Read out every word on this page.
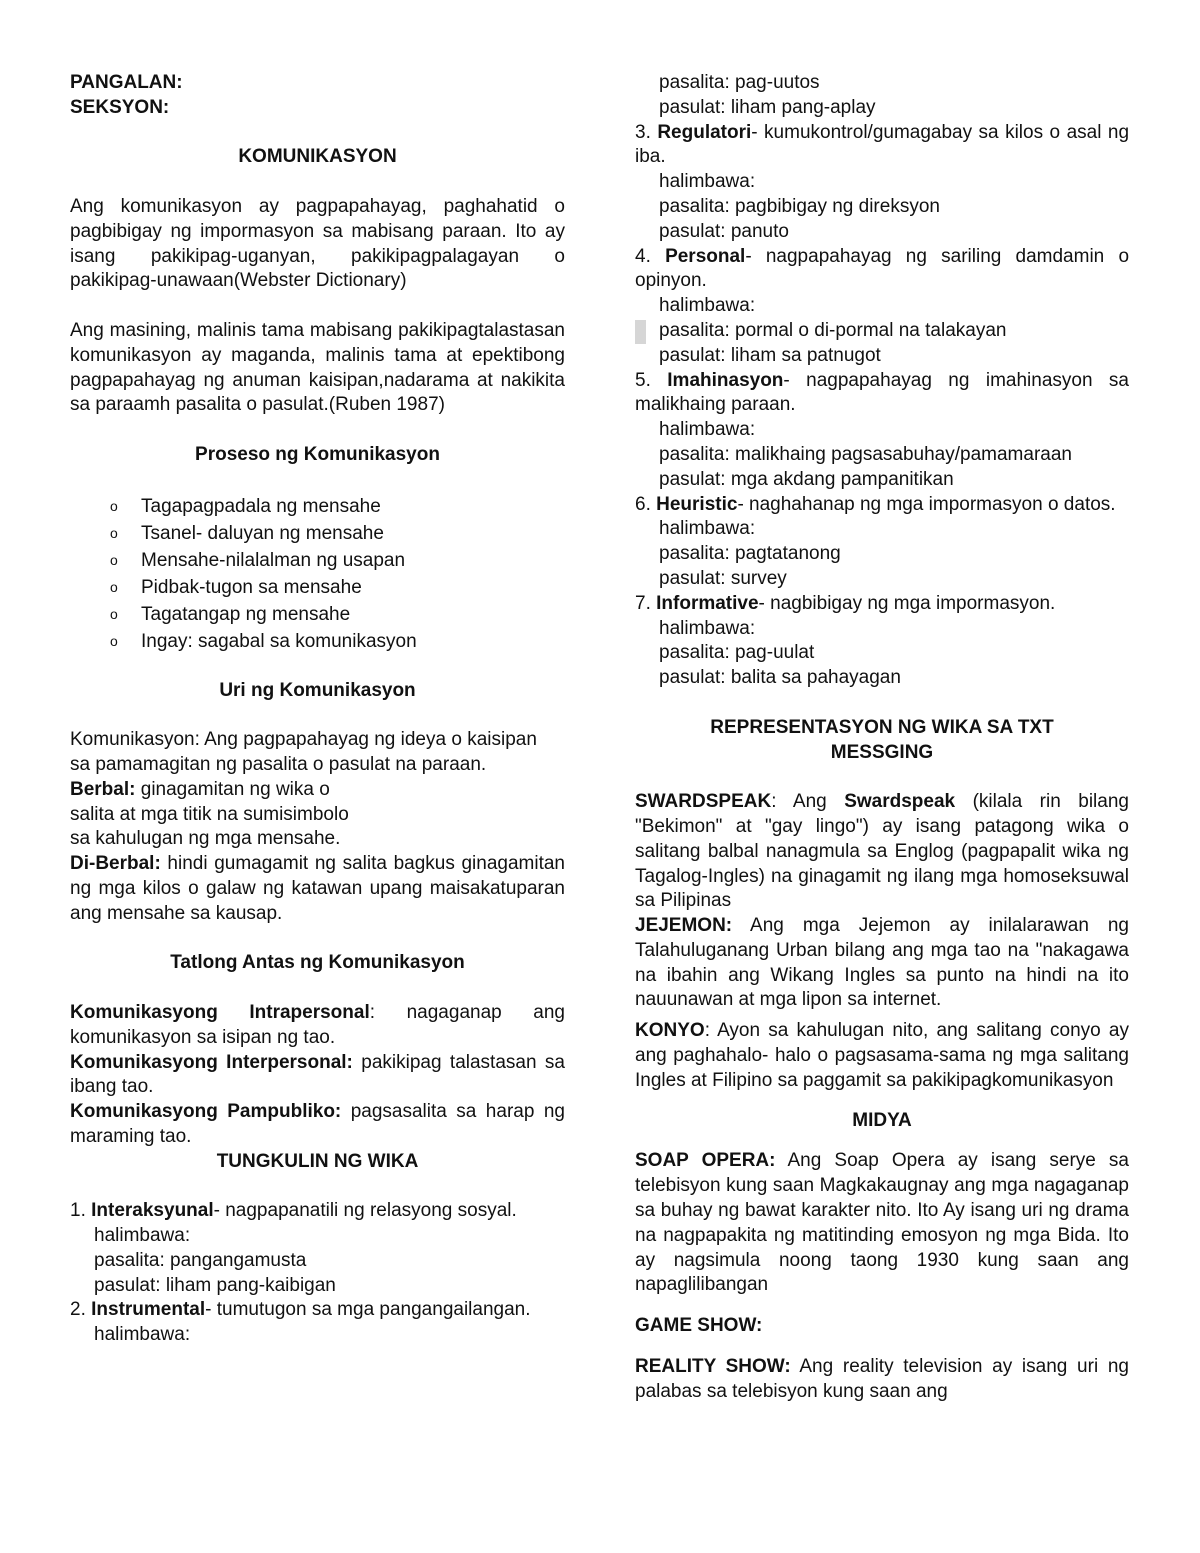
PANGALAN:

SEKSYON:

KOMUNIKASYON

Ang komunikasyon ay pagpapahayag, paghahatid o pagbibigay ng impormasyon sa mabisang paraan. Ito ay isang pakikipag-uganyan, pakikipagpalagayan o pakikipag-unawaan(Webster Dictionary)

Ang masining, malinis tama mabisang pakikipagtalastasan komunikasyon ay maganda, malinis tama at epektibong pagpapahayag ng anuman kaisipan,nadarama at nakikita sa paraamh pasalita o pasulat.(Ruben 1987)

Proseso ng Komunikasyon

o Tagapagpadala ng mensahe
o Tsanel- daluyan ng mensahe
o Mensahe-nilalalman ng usapan
o Pidbak-tugon sa mensahe
o Tagatangap ng mensahe
o Ingay: sagabal sa komunikasyon

Uri ng Komunikasyon

Komunikasyon: Ang pagpapahayag ng ideya o kaisipan

sa pamamagitan ng pasalita o pasulat na paraan.

Berbal: ginagamitan ng wika o

salita at mga titik na sumisimbolo

sa kahulugan ng mga mensahe.

Di-Berbal: hindi gumagamit ng salita bagkus ginagamitan ng mga kilos o galaw ng katawan upang maisakatuparan ang mensahe sa kausap.

Tatlong Antas ng Komunikasyon

Komunikasyong Intrapersonal: nagaganap ang komunikasyon sa isipan ng tao.

Komunikasyong Interpersonal: pakikipag talastasan sa ibang tao.

Komunikasyong Pampubliko: pagsasalita sa harap ng maraming tao.

TUNGKULIN NG WIKA

1. Interaksyunal- nagpapanatili ng relasyong sosyal.

halimbawa:

pasalita: pangangamusta

pasulat: liham pang-kaibigan

2. Instrumental- tumutugon sa mga pangangailangan.

halimbawa:

pasalita: pag-uutos

pasulat: liham pang-aplay

3. Regulatori- kumukontrol/gumagabay sa kilos o asal ng iba.

halimbawa:

pasalita: pagbibigay ng direksyon

pasulat: panuto

4. Personal- nagpapahayag ng sariling damdamin o opinyon.

halimbawa:

pasalita: pormal o di-pormal na talakayan

pasulat: liham sa patnugot

5. Imahinasyon- nagpapahayag ng imahinasyon sa malikhaing paraan.

halimbawa:

pasalita: malikhaing pagsasabuhay/pamamaraan

pasulat: mga akdang pampanitikan

6. Heuristic- naghahanap ng mga impormasyon o datos.

halimbawa:

pasalita: pagtatanong

pasulat: survey

7. Informative- nagbibigay ng mga impormasyon.

halimbawa:

pasalita: pag-uulat

pasulat: balita sa pahayagan

REPRESENTASYON NG WIKA SA TXT

MESSGING

SWARDSPEAK: Ang Swardspeak (kilala rin bilang "Bekimon" at "gay lingo") ay isang patagong wika o salitang balbal nanagmula sa Englog (pagpapalit wika ng Tagalog-Ingles) na ginagamit ng ilang mga homoseksuwal sa Pilipinas

JEJEMON: Ang mga Jejemon ay inilalarawan ng Talahuluganang Urban bilang ang mga tao na "nakagawa na ibahin ang Wikang Ingles sa punto na hindi na ito nauunawan at mga lipon sa internet.

KONYO: Ayon sa kahulugan nito, ang salitang conyo ay ang paghahalo- halo o pagsasama-sama ng mga salitang Ingles at Filipino sa paggamit sa pakikipagkomunikasyon

MIDYA

SOAP OPERA: Ang Soap Opera ay isang serye sa telebisyon kung saan Magkakaugnay ang mga nagaganap sa buhay ng bawat karakter nito. Ito Ay isang uri ng drama na nagpapakita ng matitinding emosyon ng mga Bida. Ito ay nagsimula noong taong 1930 kung saan ang napaglilibangan

GAME SHOW:

REALITY SHOW: Ang reality television ay isang uri ng palabas sa telebisyon kung saan ang
